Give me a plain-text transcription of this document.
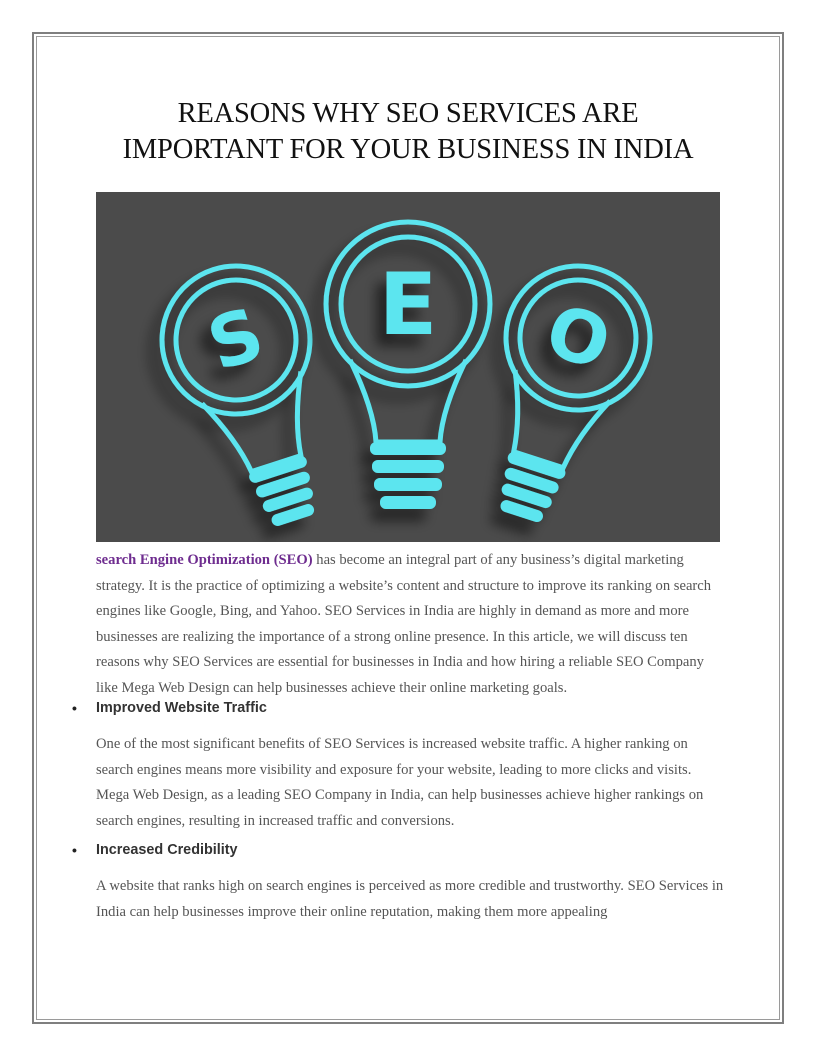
REASONS WHY SEO SERVICES ARE
IMPORTANT FOR YOUR BUSINESS IN INDIA
S E O

search Engine Optimization (SEO) has become an integral part of any business’s digital marketing strategy. It is the practice of optimizing a website’s content and structure to improve its ranking on search engines like Google, Bing, and Yahoo. SEO Services in India are highly in demand as more and more businesses are realizing the importance of a strong online presence. In this article, we will discuss ten reasons why SEO Services are essential for businesses in India and how hiring a reliable SEO Company like Mega Web Design can help businesses achieve their online marketing goals.

• Improved Website Traffic

One of the most significant benefits of SEO Services is increased website traffic. A higher ranking on search engines means more visibility and exposure for your website, leading to more clicks and visits. Mega Web Design, as a leading SEO Company in India, can help businesses achieve higher rankings on search engines, resulting in increased traffic and conversions.

• Increased Credibility

A website that ranks high on search engines is perceived as more credible and trustworthy. SEO Services in India can help businesses improve their online reputation, making them more appealing
